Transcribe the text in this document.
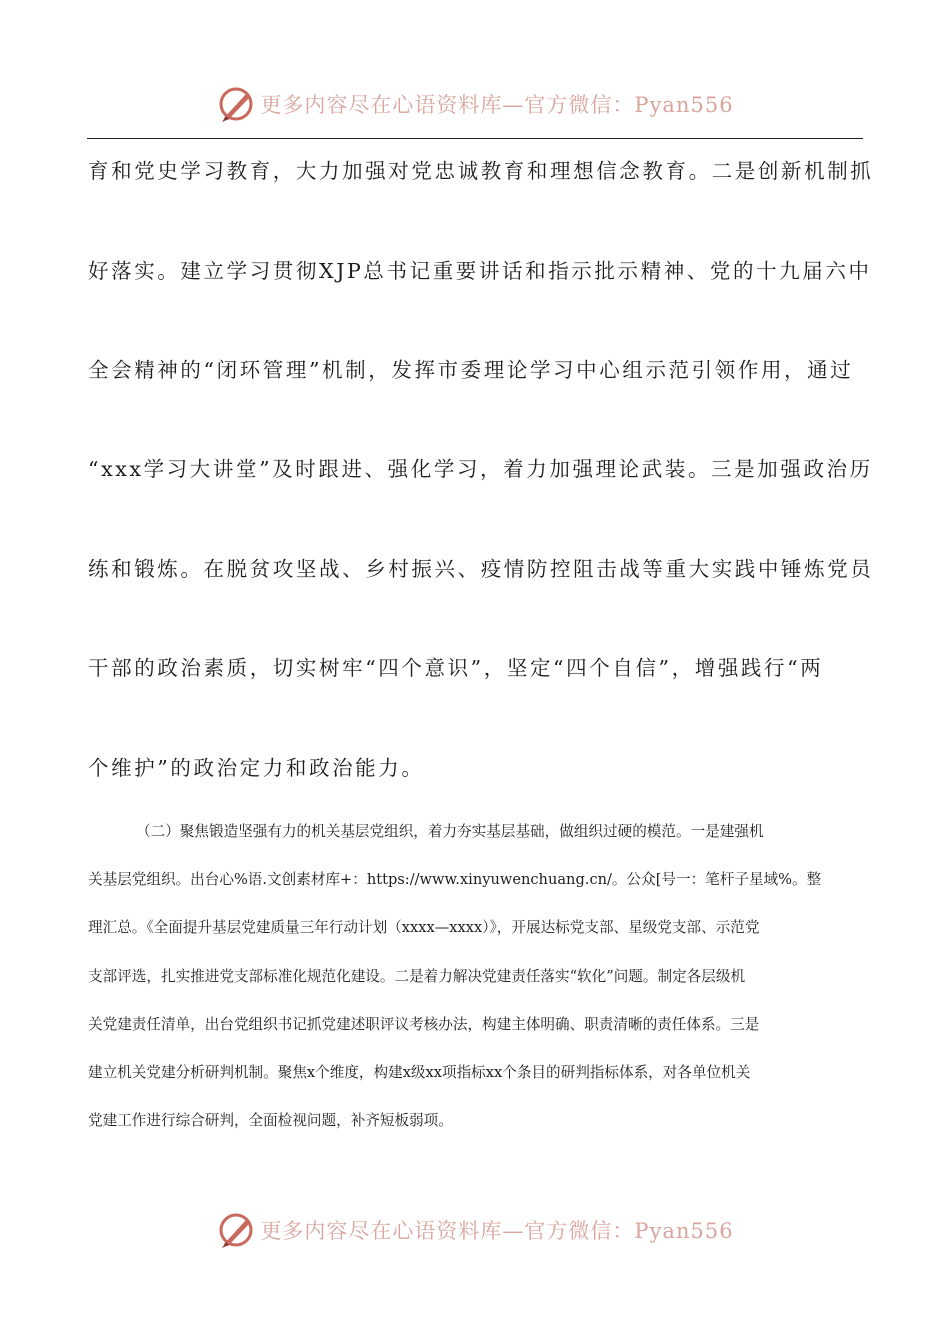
更多内容尽在心语资料库—官方微信：Pyan556
育和党史学习教育，大力加强对党忠诚教育和理想信念教育。二是创新机制抓
好落实。建立学习贯彻XJP总书记重要讲话和指示批示精神、党的十九届六中
全会精神的“闭环管理”机制，发挥市委理论学习中心组示范引领作用，通过
“xxx学习大讲堂”及时跟进、强化学习，着力加强理论武装。三是加强政治历
练和锻炼。在脱贫攻坚战、乡村振兴、疫情防控阻击战等重大实践中锤炼党员
干部的政治素质，切实树牢“四个意识”，坚定“四个自信”，增强践行“两
个维护”的政治定力和政治能力。
（二）聚焦锻造坚强有力的机关基层党组织，着力夯实基层基础，做组织过硬的模范。一是建强机
关基层党组织。出台心%语.文创素材库+：https://www.xinyuwenchuang.cn/。公众[号一：笔杆子星域%。整
理汇总。《全面提升基层党建质量三年行动计划（xxxx—xxxx）》，开展达标党支部、星级党支部、示范党
支部评选，扎实推进党支部标准化规范化建设。二是着力解决党建责任落实“软化”问题。制定各层级机
关党建责任清单，出台党组织书记抓党建述职评议考核办法，构建主体明确、职责清晰的责任体系。三是
建立机关党建分析研判机制。聚焦x个维度，构建x级xx项指标xx个条目的研判指标体系，对各单位机关
党建工作进行综合研判，全面检视问题，补齐短板弱项。
更多内容尽在心语资料库—官方微信：Pyan556
